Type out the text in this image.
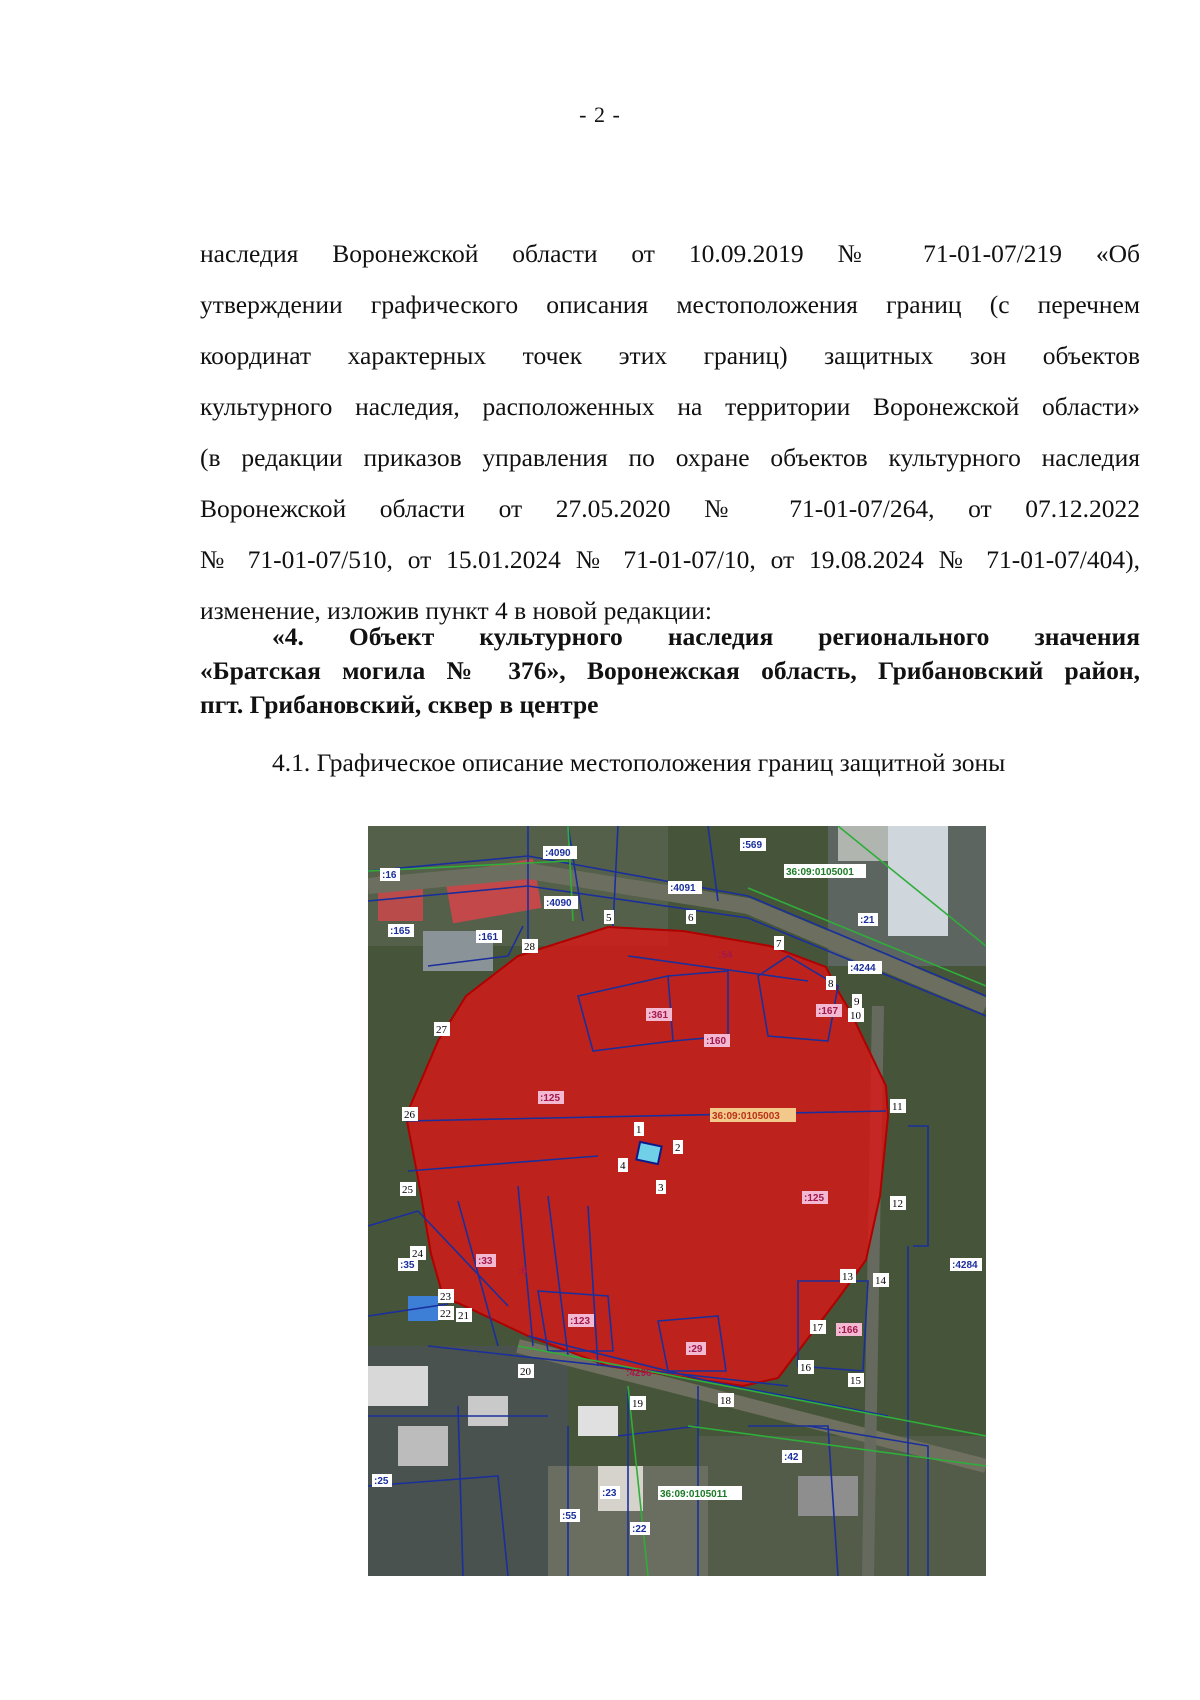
- 2 -
наследия Воронежской области от 10.09.2019 № 71-01-07/219 «Об
утверждении графического описания местоположения границ (с перечнем
координат характерных точек этих границ) защитных зон объектов
культурного наследия, расположенных на территории Воронежской области»
(в редакции приказов управления по охране объектов культурного наследия
Воронежской области от 27.05.2020 № 71-01-07/264, от 07.12.2022
№ 71-01-07/510, от 15.01.2024 № 71-01-07/10, от 19.08.2024 № 71-01-07/404),
изменение, изложив пункт 4 в новой редакции:
«4. Объект культурного наследия регионального значения
«Братская могила № 376», Воронежская область, Грибановский район,
пгт. Грибановский, сквер в центре
4.1. Графическое описание местоположения границ защитной зоны
36:09:0105001
36:09:0105003
36:09:0105011
:16
:165
:161
:4090
:4090
:4091
:569
:21
:54
:4244
:361
:160
:167
:125
:125
:35	:33
:6
:123
:29
:166
:4296
:4284
:42
:25
:55
:23
:22
1
2
3
4
5	6
7
8
9
10
11
12
13 14
15
16
17
18
19
20
21
22
23
24
25
26
27
28
